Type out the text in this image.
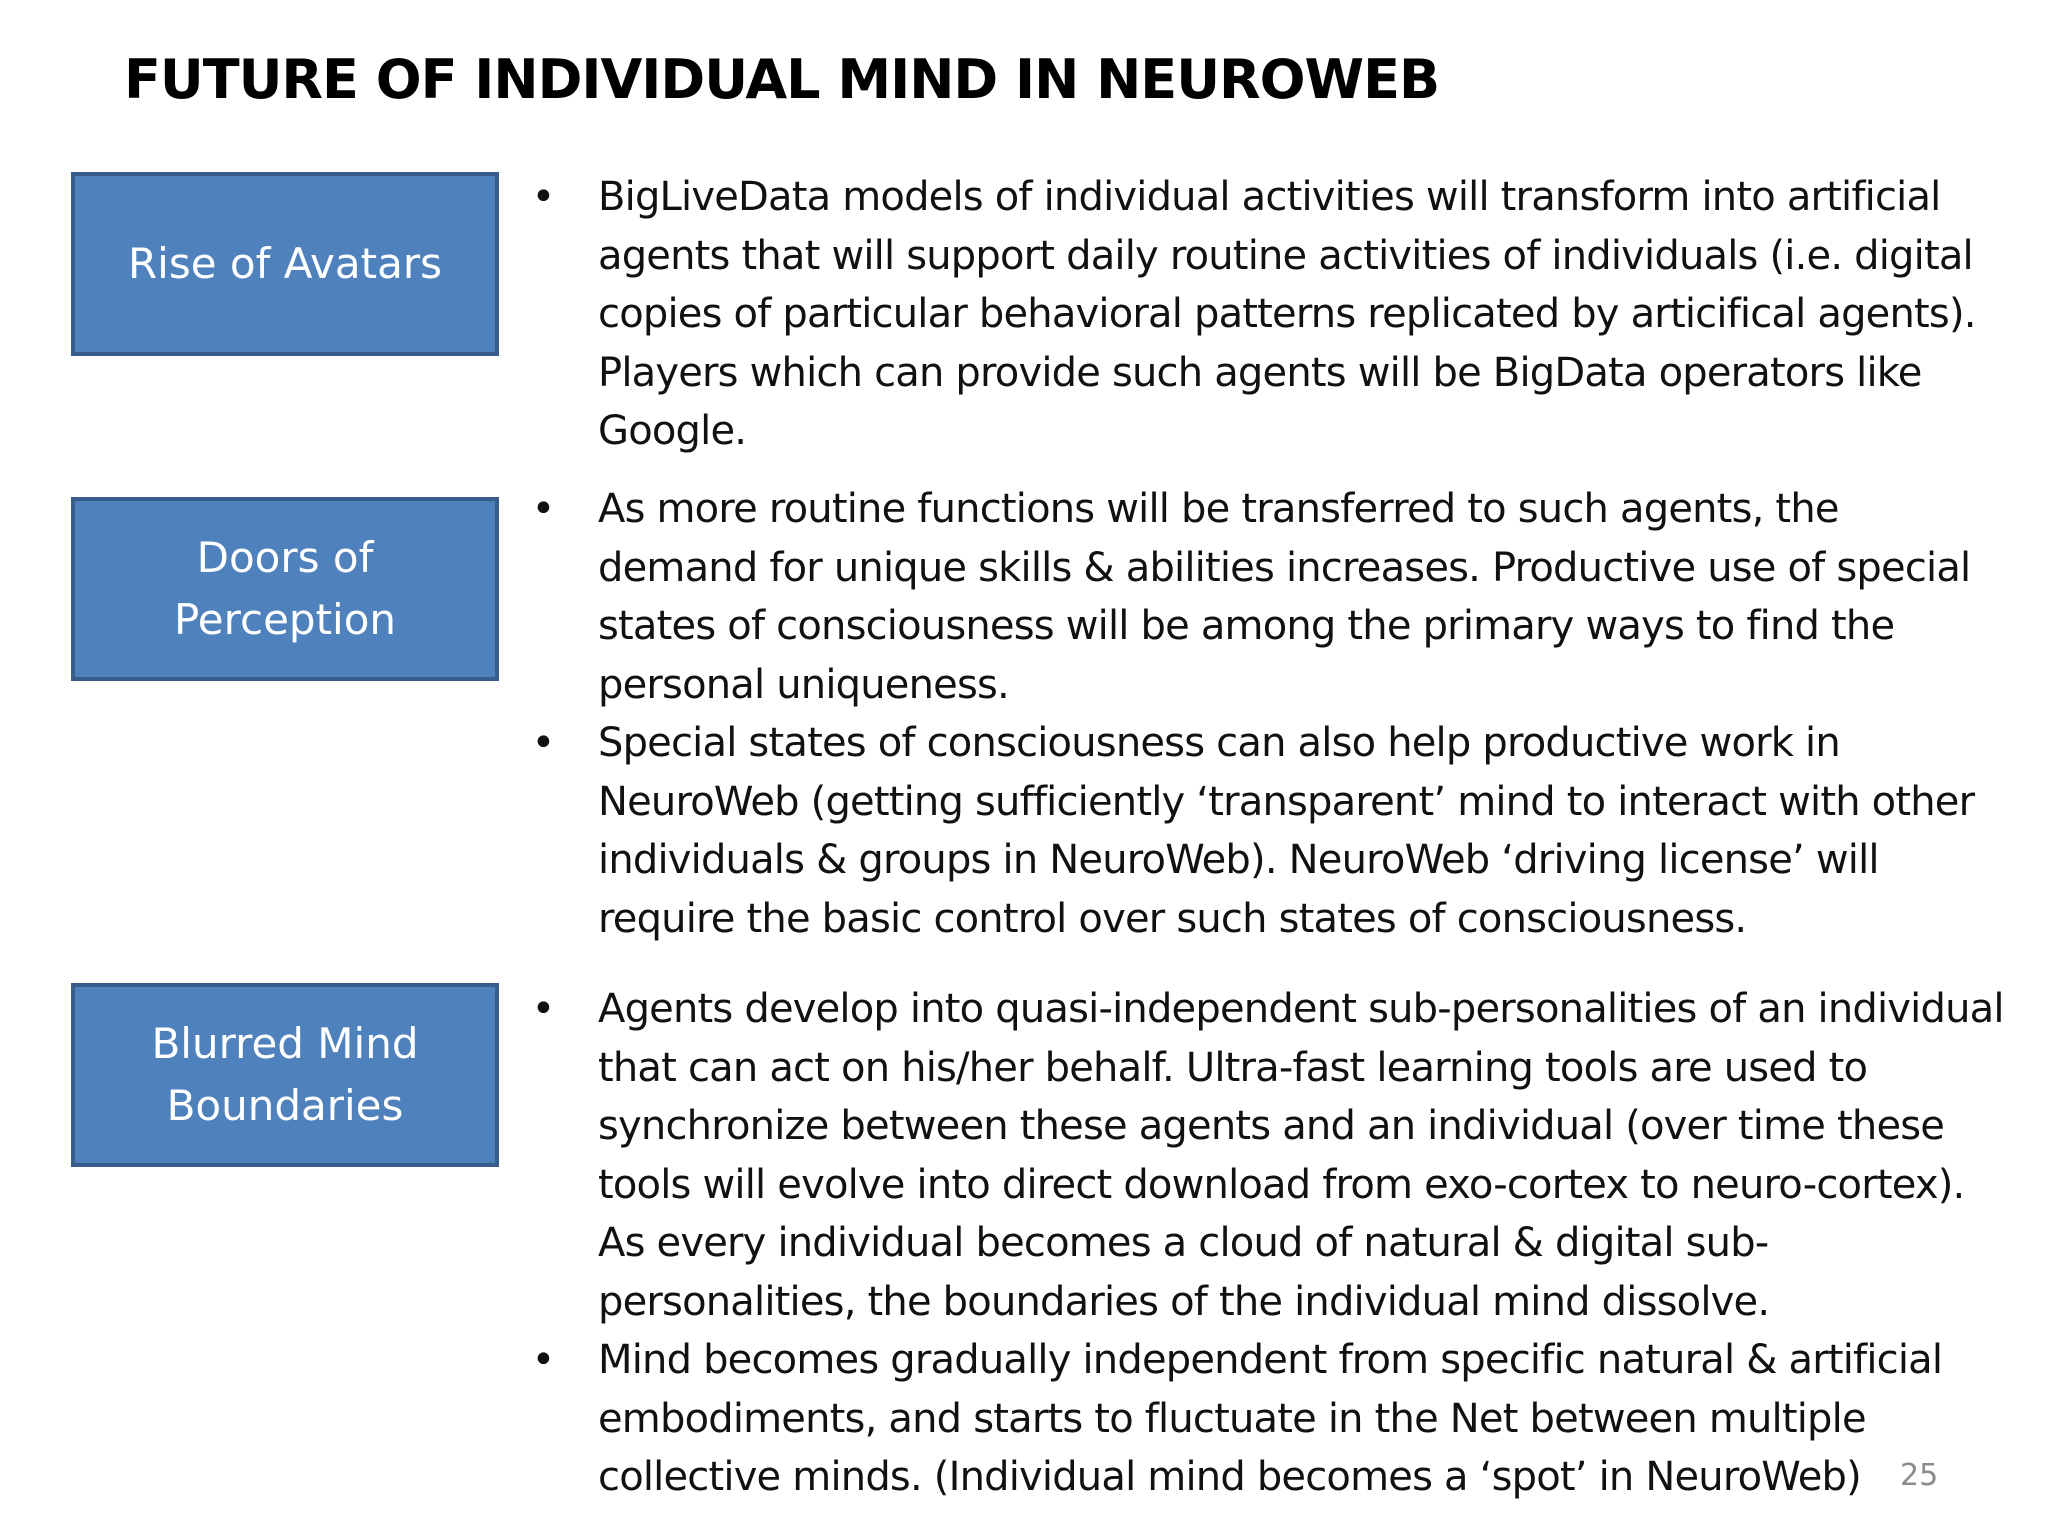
FUTURE OF INDIVIDUAL MIND IN NEUROWEB
Rise of Avatars
• BigLiveData models of individual activities will transform into artificial agents that will support daily routine activities of individuals (i.e. digital copies of particular behavioral patterns replicated by articifical agents). Players which can provide such agents will be BigData operators like Google.
Doors of Perception
• As more routine functions will be transferred to such agents, the demand for unique skills & abilities increases. Productive use of special states of consciousness will be among the primary ways to find the personal uniqueness.
• Special states of consciousness can also help productive work in NeuroWeb (getting sufficiently ‘transparent’ mind to interact with other individuals & groups in NeuroWeb). NeuroWeb ‘driving license’ will require the basic control over such states of consciousness.
Blurred Mind Boundaries
• Agents develop into quasi-independent sub-personalities of an individual that can act on his/her behalf. Ultra-fast learning tools are used to synchronize between these agents and an individual (over time these tools will evolve into direct download from exo-cortex to neuro-cortex). As every individual becomes a cloud of natural & digital sub-personalities, the boundaries of the individual mind dissolve.
• Mind becomes gradually independent from specific natural & artificial embodiments, and starts to fluctuate in the Net between multiple collective minds. (Individual mind becomes a ‘spot’ in NeuroWeb)	25
